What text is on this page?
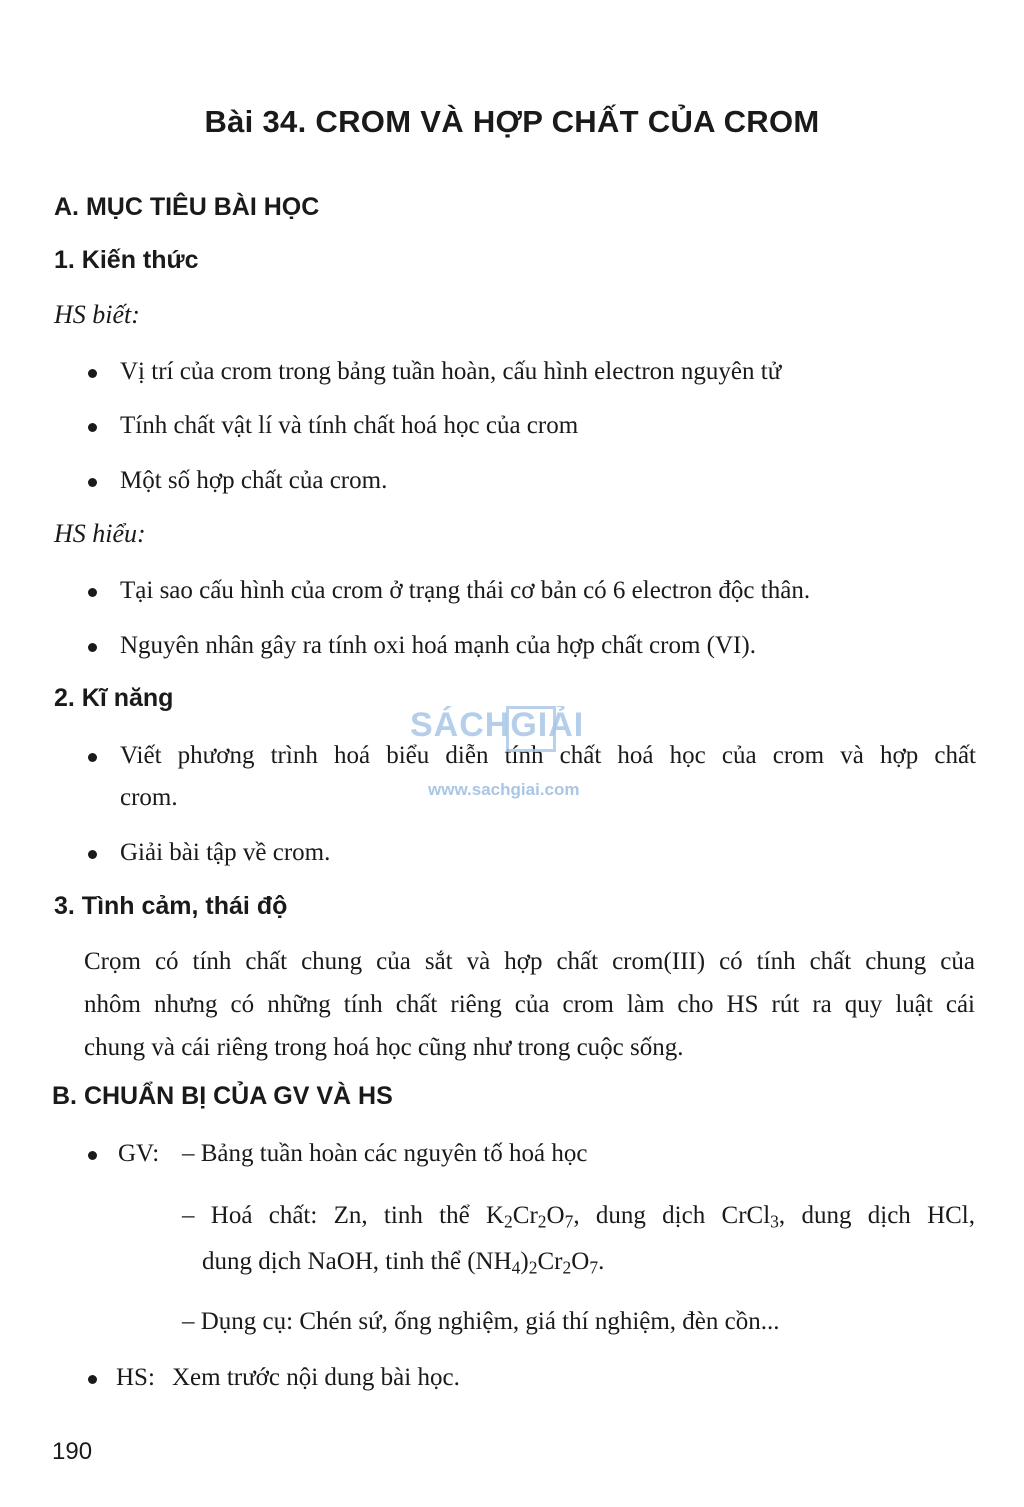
Bài 34. CROM VÀ HỢP CHẤT CỦA CROM
A. MỤC TIÊU BÀI HỌC
1. Kiến thức
HS biết:
Vị trí của crom trong bảng tuần hoàn, cấu hình electron nguyên tử
Tính chất vật lí và tính chất hoá học của crom
Một số hợp chất của crom.
HS hiểu:
Tại sao cấu hình của crom ở trạng thái cơ bản có 6 electron độc thân.
Nguyên nhân gây ra tính oxi hoá mạnh của hợp chất crom (VI).
2. Kĩ năng
Viết phương trình hoá biểu diễn tính chất hoá học của crom và hợp chất
crom.
Giải bài tập về crom.
3. Tình cảm, thái độ
Crọm có tính chất chung của sắt và hợp chất crom(III) có tính chất chung của
nhôm nhưng có những tính chất riêng của crom làm cho HS rút ra quy luật cái
chung và cái riêng trong hoá học cũng như trong cuộc sống.
B. CHUẨN BỊ CỦA GV VÀ HS
GV: – Bảng tuần hoàn các nguyên tố hoá học
– Hoá chất: Zn, tinh thể $K_2Cr_2O_7$, dung dịch CrCl$_3$, dung dịch HCl,
dung dịch NaOH, tinh thể $(NH_4)_2Cr_2O_7$.
– Dụng cụ: Chén sứ, ống nghiệm, giá thí nghiệm, đèn cồn...
HS: Xem trước nội dung bài học.
SÁCHGIẢI
www.sachgiai.com
190
